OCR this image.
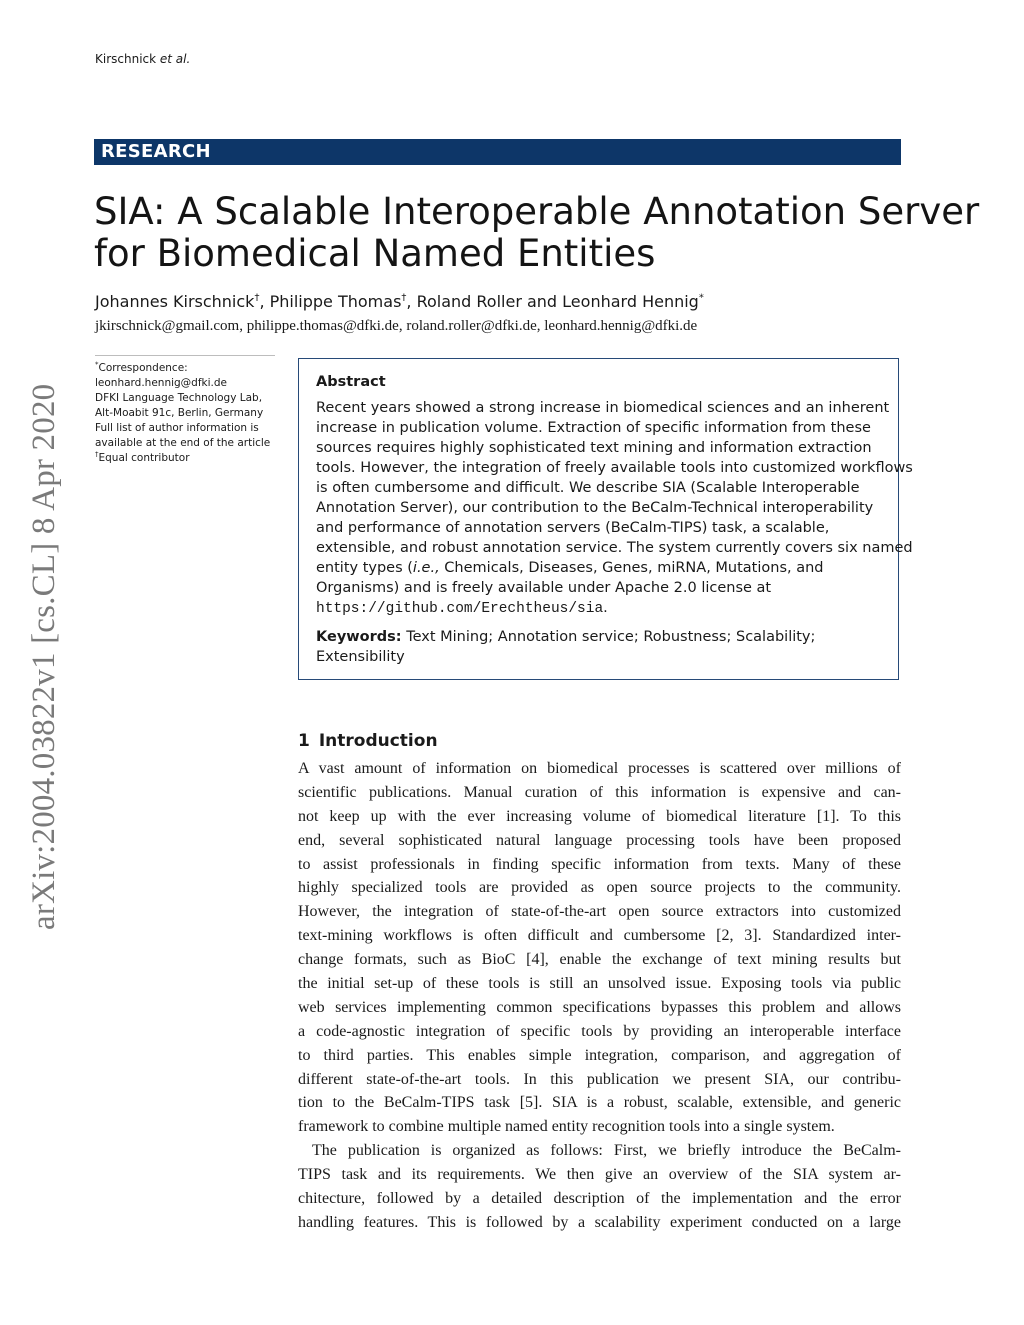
Kirschnick et al.
RESEARCH
SIA: A Scalable Interoperable Annotation Server
for Biomedical Named Entities
Johannes Kirschnick†, Philippe Thomas†, Roland Roller and Leonhard Hennig*
jkirschnick@gmail.com, philippe.thomas@dfki.de, roland.roller@dfki.de, leonhard.hennig@dfki.de
arXiv:2004.03822v1 [cs.CL] 8 Apr 2020
*Correspondence:
leonhard.hennig@dfki.de
DFKI Language Technology Lab,
Alt-Moabit 91c, Berlin, Germany
Full list of author information is
available at the end of the article
†Equal contributor
Abstract
Recent years showed a strong increase in biomedical sciences and an inherent
increase in publication volume. Extraction of specific information from these
sources requires highly sophisticated text mining and information extraction
tools. However, the integration of freely available tools into customized workflows
is often cumbersome and difficult. We describe SIA (Scalable Interoperable
Annotation Server), our contribution to the BeCalm-Technical interoperability
and performance of annotation servers (BeCalm-TIPS) task, a scalable,
extensible, and robust annotation service. The system currently covers six named
entity types (i.e., Chemicals, Diseases, Genes, miRNA, Mutations, and
Organisms) and is freely available under Apache 2.0 license at
https://github.com/Erechtheus/sia.
Keywords: Text Mining; Annotation service; Robustness; Scalability;
Extensibility
1 Introduction
A vast amount of information on biomedical processes is scattered over millions of
scientific publications. Manual curation of this information is expensive and can-
not keep up with the ever increasing volume of biomedical literature [1]. To this
end, several sophisticated natural language processing tools have been proposed
to assist professionals in finding specific information from texts. Many of these
highly specialized tools are provided as open source projects to the community.
However, the integration of state-of-the-art open source extractors into customized
text-mining workflows is often difficult and cumbersome [2, 3]. Standardized inter-
change formats, such as BioC [4], enable the exchange of text mining results but
the initial set-up of these tools is still an unsolved issue. Exposing tools via public
web services implementing common specifications bypasses this problem and allows
a code-agnostic integration of specific tools by providing an interoperable interface
to third parties. This enables simple integration, comparison, and aggregation of
different state-of-the-art tools. In this publication we present SIA, our contribu-
tion to the BeCalm-TIPS task [5]. SIA is a robust, scalable, extensible, and generic
framework to combine multiple named entity recognition tools into a single system.
The publication is organized as follows: First, we briefly introduce the BeCalm-
TIPS task and its requirements. We then give an overview of the SIA system ar-
chitecture, followed by a detailed description of the implementation and the error
handling features. This is followed by a scalability experiment conducted on a large
